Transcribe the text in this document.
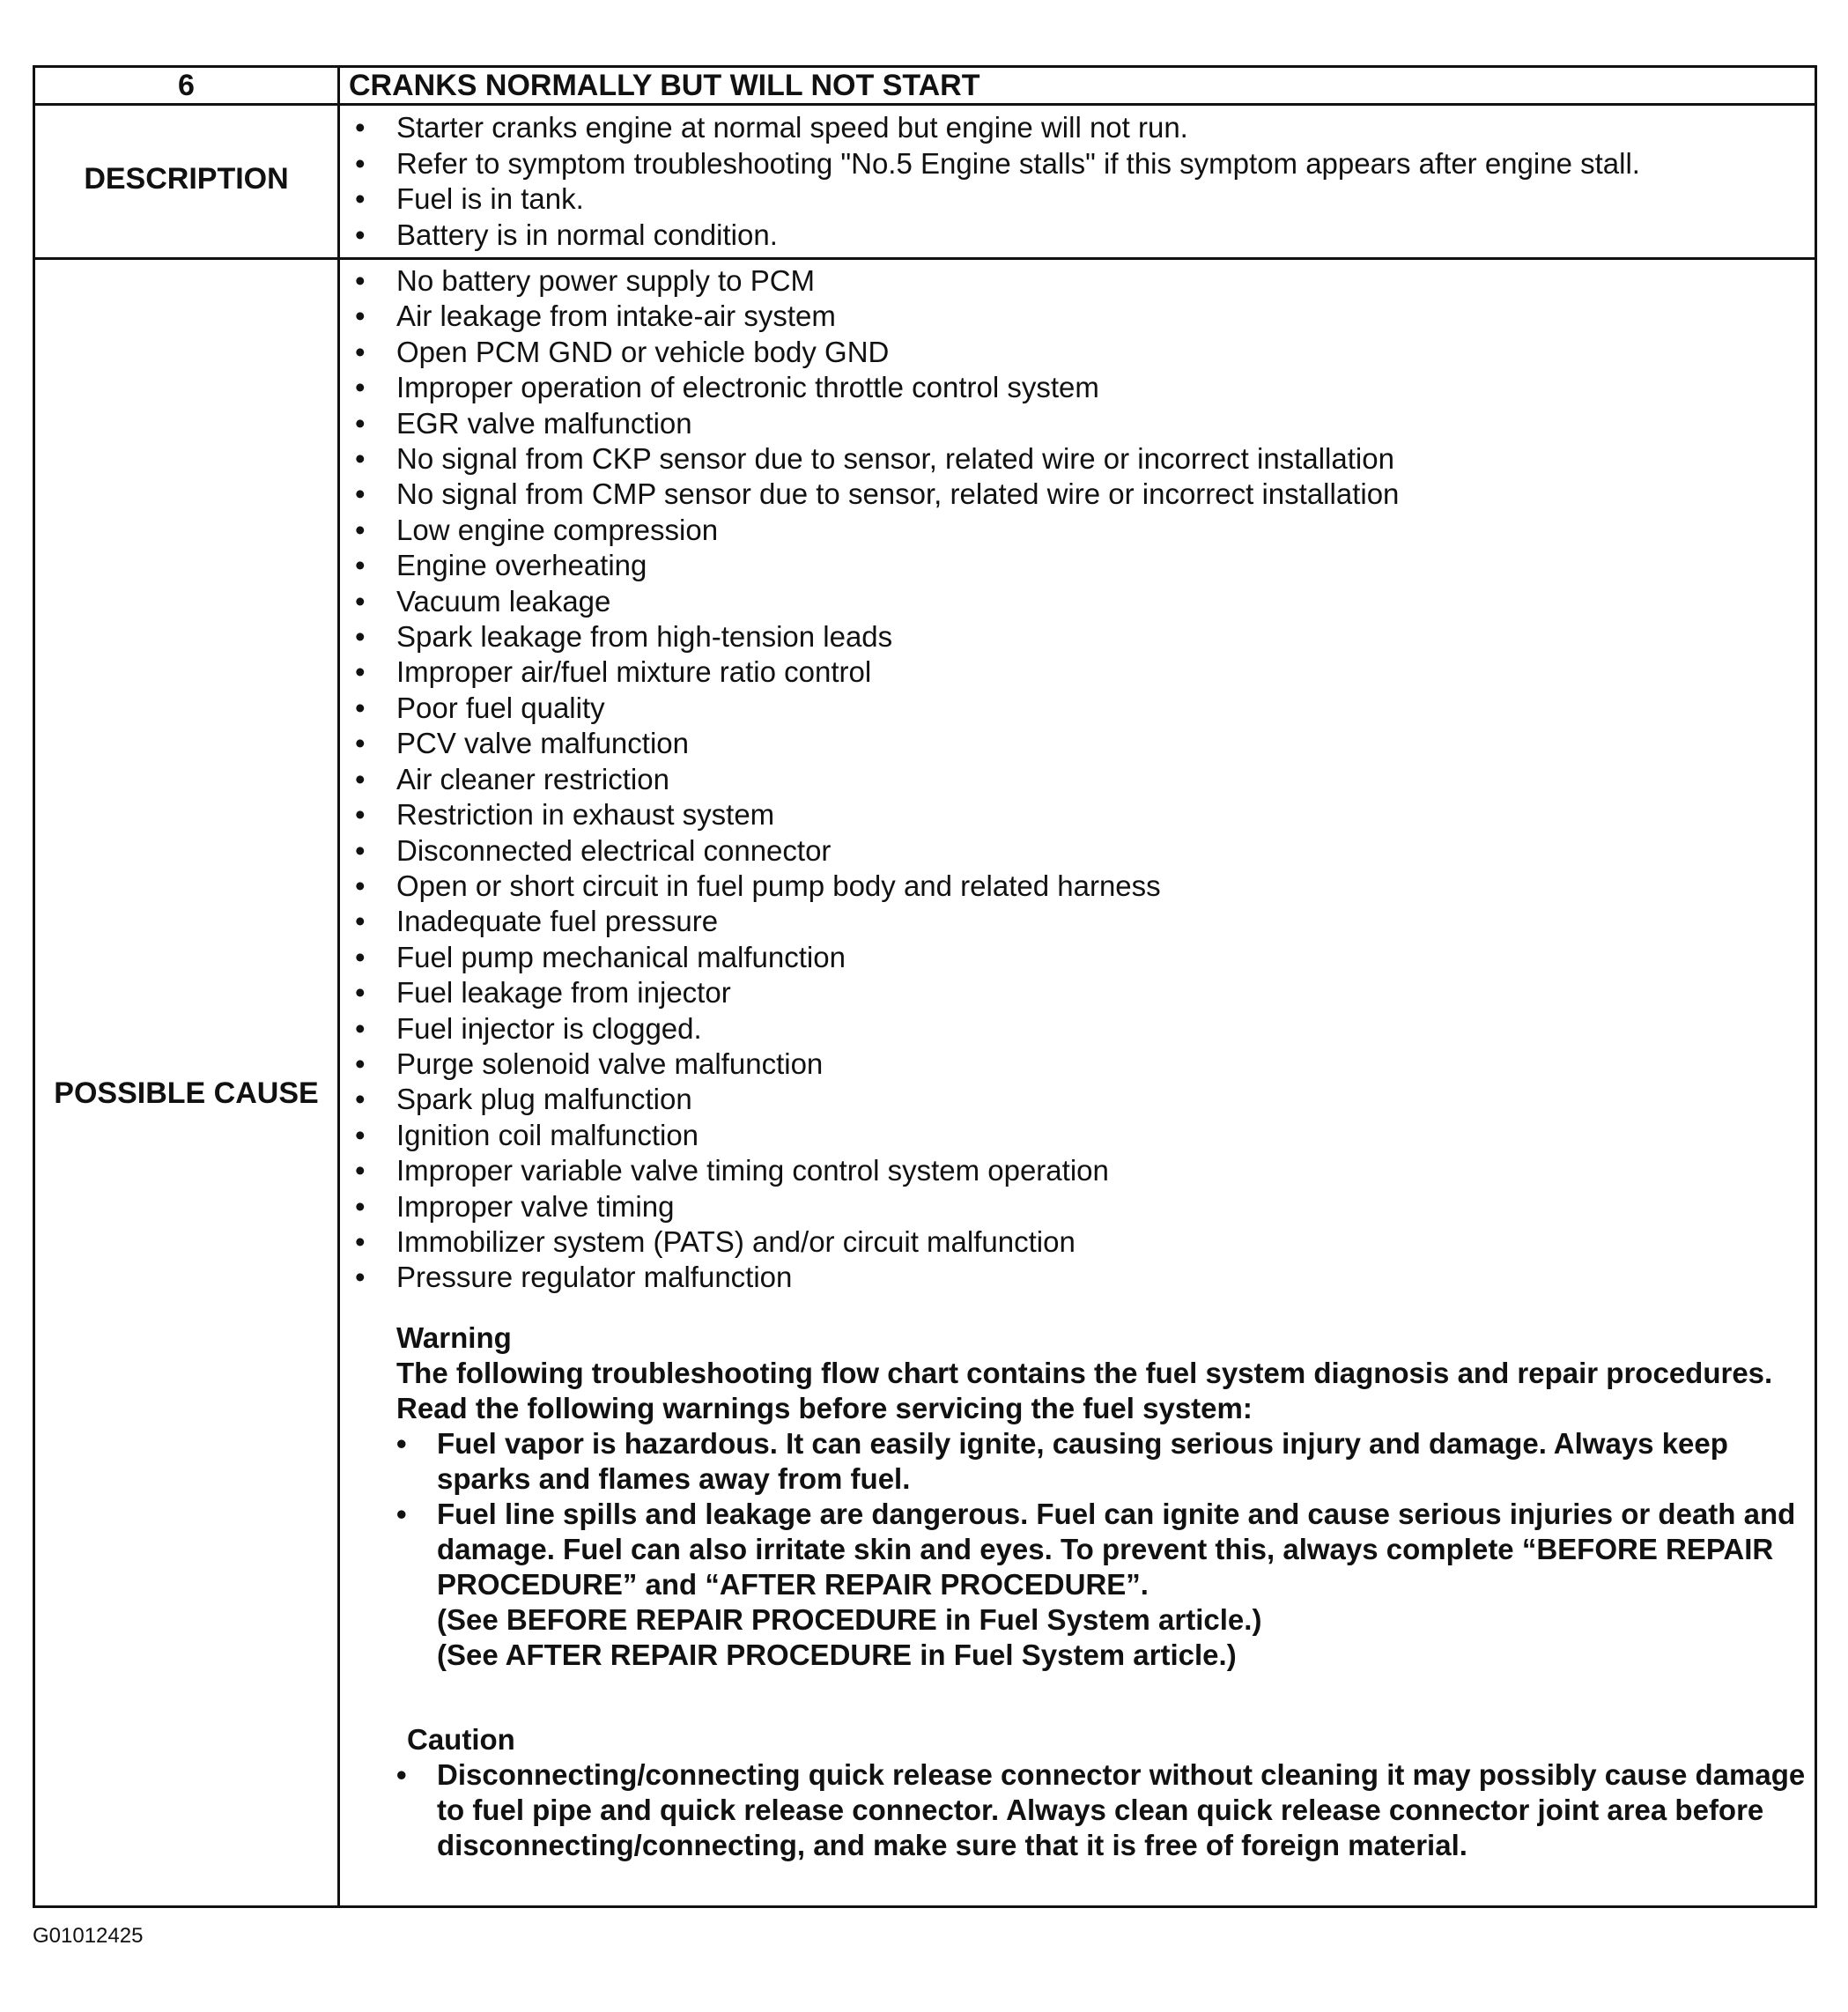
6	CRANKS NORMALLY BUT WILL NOT START
DESCRIPTION
• Starter cranks engine at normal speed but engine will not run.
• Refer to symptom troubleshooting "No.5 Engine stalls" if this symptom appears after engine stall.
• Fuel is in tank.
• Battery is in normal condition.
POSSIBLE CAUSE
• No battery power supply to PCM
• Air leakage from intake-air system
• Open PCM GND or vehicle body GND
• Improper operation of electronic throttle control system
• EGR valve malfunction
• No signal from CKP sensor due to sensor, related wire or incorrect installation
• No signal from CMP sensor due to sensor, related wire or incorrect installation
• Low engine compression
• Engine overheating
• Vacuum leakage
• Spark leakage from high-tension leads
• Improper air/fuel mixture ratio control
• Poor fuel quality
• PCV valve malfunction
• Air cleaner restriction
• Restriction in exhaust system
• Disconnected electrical connector
• Open or short circuit in fuel pump body and related harness
• Inadequate fuel pressure
• Fuel pump mechanical malfunction
• Fuel leakage from injector
• Fuel injector is clogged.
• Purge solenoid valve malfunction
• Spark plug malfunction
• Ignition coil malfunction
• Improper variable valve timing control system operation
• Improper valve timing
• Immobilizer system (PATS) and/or circuit malfunction
• Pressure regulator malfunction
Warning
The following troubleshooting flow chart contains the fuel system diagnosis and repair procedures. Read the following warnings before servicing the fuel system:
• Fuel vapor is hazardous. It can easily ignite, causing serious injury and damage. Always keep sparks and flames away from fuel.
• Fuel line spills and leakage are dangerous. Fuel can ignite and cause serious injuries or death and damage. Fuel can also irritate skin and eyes. To prevent this, always complete “BEFORE REPAIR PROCEDURE” and “AFTER REPAIR PROCEDURE”.
(See BEFORE REPAIR PROCEDURE in Fuel System article.)
(See AFTER REPAIR PROCEDURE in Fuel System article.)
Caution
• Disconnecting/connecting quick release connector without cleaning it may possibly cause damage to fuel pipe and quick release connector. Always clean quick release connector joint area before disconnecting/connecting, and make sure that it is free of foreign material.
G01012425
